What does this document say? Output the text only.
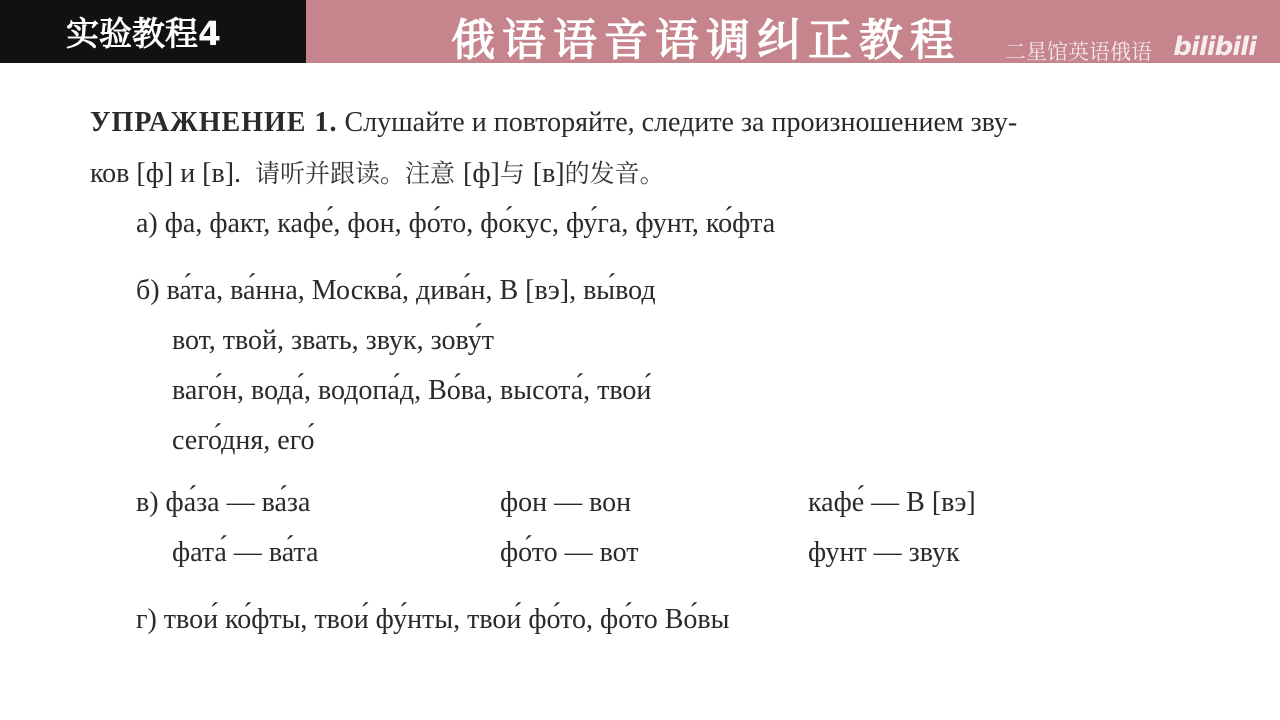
实验教程4	俄语语音语调纠正教程 二星馆英语俄语 bilibili
УПРАЖНЕНИЕ 1. Слушайте и повторяйте, следите за произношением зву-
ков [ф] и [в]. 请听并跟读。注意 [ф]与 [в]的发音。
а) фа, факт, кафе́, фон, фо́то, фо́кус, фу́га, фунт, ко́фта
б) ва́та, ва́нна, Москва́, дива́н, В [вэ], вы́вод
вот, твой, звать, звук, зову́т
ваго́н, вода́, водопа́д, Во́ва, высота́, твои́
сего́дня, его́
в) фа́за — ва́за	фон — вон	кафе́ — В [вэ]
фата́ — ва́та	фо́то — вот	фунт — звук
г) твои́ ко́фты, твои́ фу́нты, твои́ фо́то, фо́то Во́вы
